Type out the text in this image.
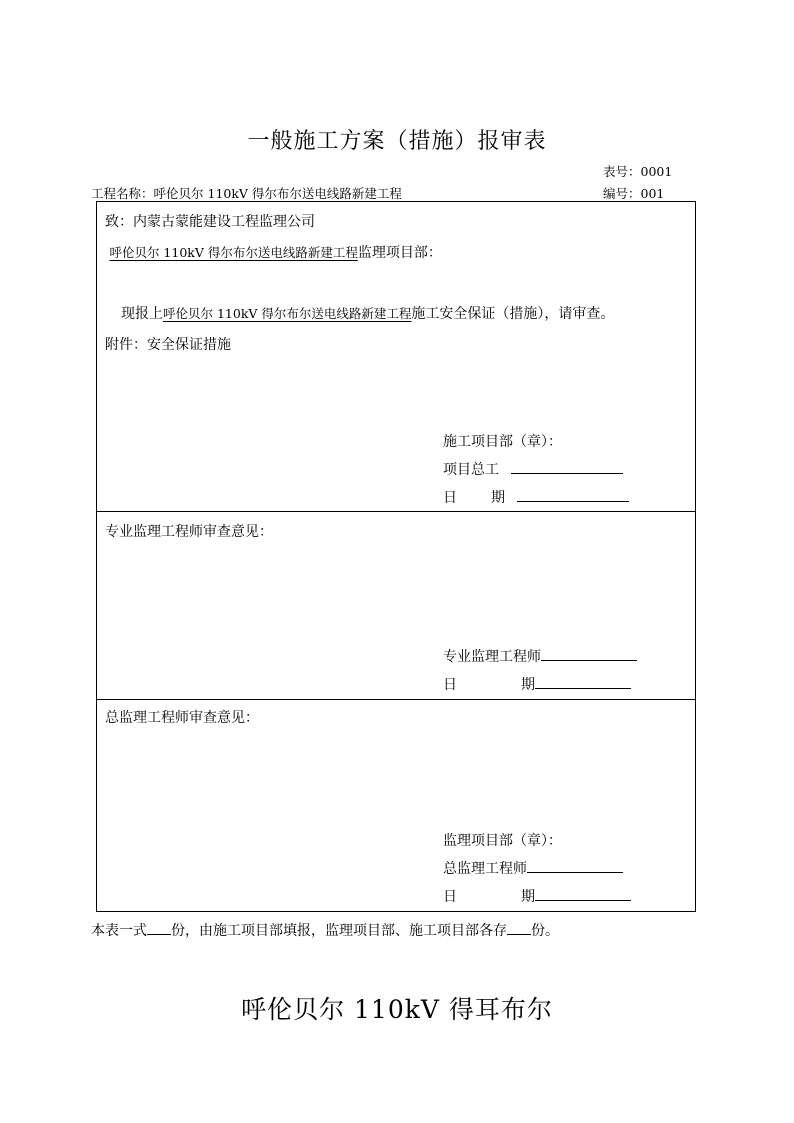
一般施工方案（措施）报审表
表号：0001
工程名称：呼伦贝尔 110kV 得尔布尔送电线路新建工程	编号：001
致：内蒙古蒙能建设工程监理公司
呼伦贝尔 110kV 得尔布尔送电线路新建工程监理项目部：
现报上呼伦贝尔 110kV 得尔布尔送电线路新建工程施工安全保证（措施），请审查。
附件：安全保证措施
施工项目部（章）：
项目总工
日 期
专业监理工程师审查意见：
专业监理工程师
日	期
总监理工程师审查意见：
监理项目部（章）：
总监理工程师
日	期
本表一式 份，由施工项目部填报，监理项目部、施工项目部各存 份。
呼伦贝尔 110kV 得耳布尔
